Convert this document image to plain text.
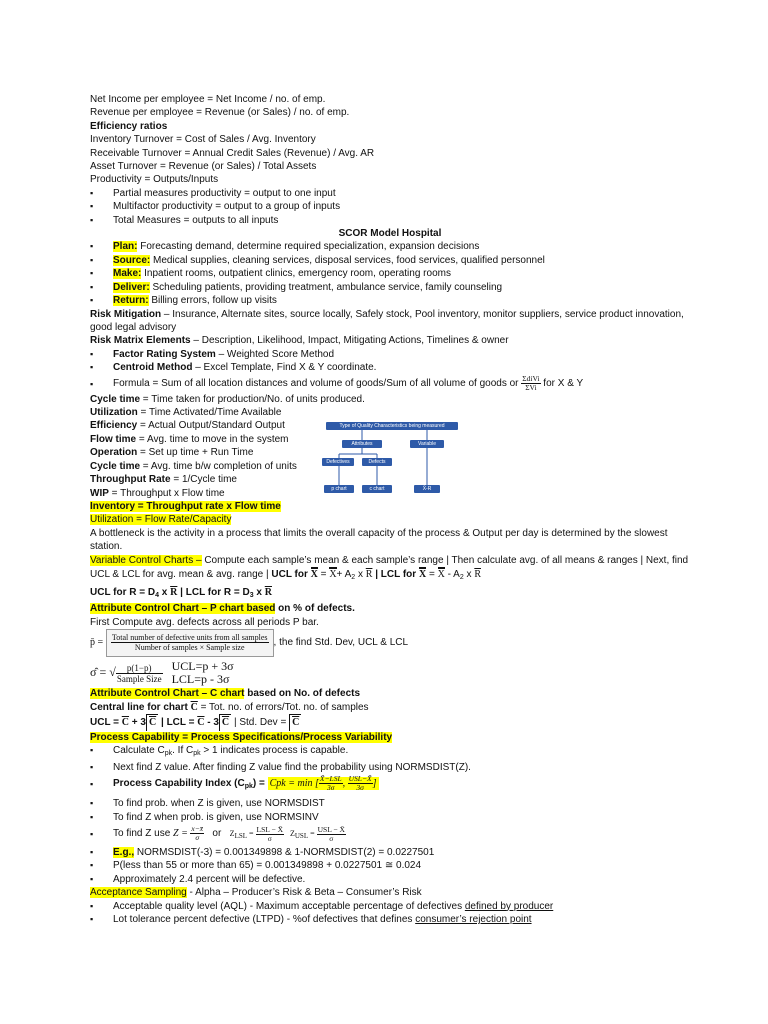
Net Income per employee = Net Income / no. of emp.
Revenue per employee = Revenue (or Sales) / no. of emp.
Efficiency ratios
Inventory Turnover = Cost of Sales / Avg. Inventory
Receivable Turnover = Annual Credit Sales (Revenue) / Avg. AR
Asset Turnover = Revenue (or Sales) / Total Assets
Productivity = Outputs/Inputs
▪ Partial measures productivity = output to one input
▪ Multifactor productivity = output to a group of inputs
▪ Total Measures = outputs to all inputs
SCOR Model Hospital
▪ Plan: Forecasting demand, determine required specialization, expansion decisions
▪ Source: Medical supplies, cleaning services, disposal services, food services, qualified personnel
▪ Make: Inpatient rooms, outpatient clinics, emergency room, operating rooms
▪ Deliver: Scheduling patients, providing treatment, ambulance service, family counseling
▪ Return: Billing errors, follow up visits
Risk Mitigation – Insurance, Alternate sites, source locally, Safely stock, Pool inventory, monitor suppliers, service product innovation, good legal advisory
Risk Matrix Elements – Description, Likelihood, Impact, Mitigating Actions, Timelines & owner
▪ Factor Rating System – Weighted Score Method
▪ Centroid Method – Excel Template, Find X & Y coordinate.
▪ Formula = Sum of all location distances and volume of goods/Sum of all volume of goods or $\frac{\text{ΣdiVi}}{\text{ΣVi}}$ for X & Y
Cycle time = Time taken for production/No. of units produced.
Utilization = Time Activated/Time Available
Efficiency = Actual Output/Standard Output
Flow time = Avg. time to move in the system
Operation = Set up time + Run Time
Cycle time = Avg. time b/w completion of units
Throughput Rate = 1/Cycle time
WIP = Throughput x Flow time
Inventory = Throughput rate x Flow time
Utilization = Flow Rate/Capacity
A bottleneck is the activity in a process that limits the overall capacity of the process & Output per day is determined by the slowest station.
Variable Control Charts – Compute each sample’s mean & each sample’s range | Then calculate avg. of all means & ranges | Next, find
UCL & LCL for avg. mean & avg. range | UCL for $X = X+ A_2$ x $\overline{R}$ | LCL for $X = X - A_2$ x $\overline{R}$
UCL for $R = D_4$ x $\overline{R}$ | LCL for $R = D_3$ x $\overline{R}$
Attribute Control Chart – P chart based on % of defects.
First Compute avg. defects across all periods P bar.
p̄ = $\frac{\text{Total number of defective units from all samples}}{\text{Number of samples × Sample size}}$ , the find Std. Dev, UCL & LCL
σ̂ = √ $\frac{p(1-p)}{\text{Sample Size}}$
UCL=p + 3σ
LCL=p - 3σ
Attribute Control Chart – C chart based on No. of defects
Central line for chart $\overline{C}$ = Tot. no. of errors/Tot. no. of samples
UCL = $\overline{C} + 3$ $\overline{C}$ | LCL = $\overline{C} - 3$ $\overline{C}$ | Std. Dev = $\overline{C}$
Process Capability = Process Specifications/Process Variability
▪ Calculate $C_{pk}$. If $C_{pk} > 1$ indicates process is capable.
▪ Next find Z value. After finding Z value find the probability using NORMSDIST(Z).
▪ Process Capability Index $(C_{pk})$ = Cpk = min [ $\frac{\text{X̄−LSL}}{3\sigma}$ , $\frac{\text{USL−X̄}}{3\sigma}$ ]
▪ To find prob. when Z is given, use NORMSDIST
▪ To find Z when prob. is given, use NORMSINV
▪ To find Z use $Z = \frac{x-x̄}{\sigma}$ or ZLSL = $\frac{\text{LSL − X̄}}{\sigma}$ ZUSL = $\frac{\text{USL − X̄}}{\sigma}$
▪ E.g., NORMSDIST(-3) = 0.001349898 & 1-NORMSDIST(2) = 0.0227501
▪ P(less than 55 or more than 65) = 0.001349898 + 0.0227501 ≅ 0.024
▪ Approximately 2.4 percent will be defective.
Acceptance Sampling - Alpha – Producer’s Risk & Beta – Consumer’s Risk
▪ Acceptable quality level (AQL) - Maximum acceptable percentage of defectives defined by producer
▪ Lot tolerance percent defective (LTPD) - %of defectives that defines consumer’s rejection point
Type of Quality Characteristics being measured
Attributes	Variable
Defectives	Defects
p chart	c chart	X̄-R
